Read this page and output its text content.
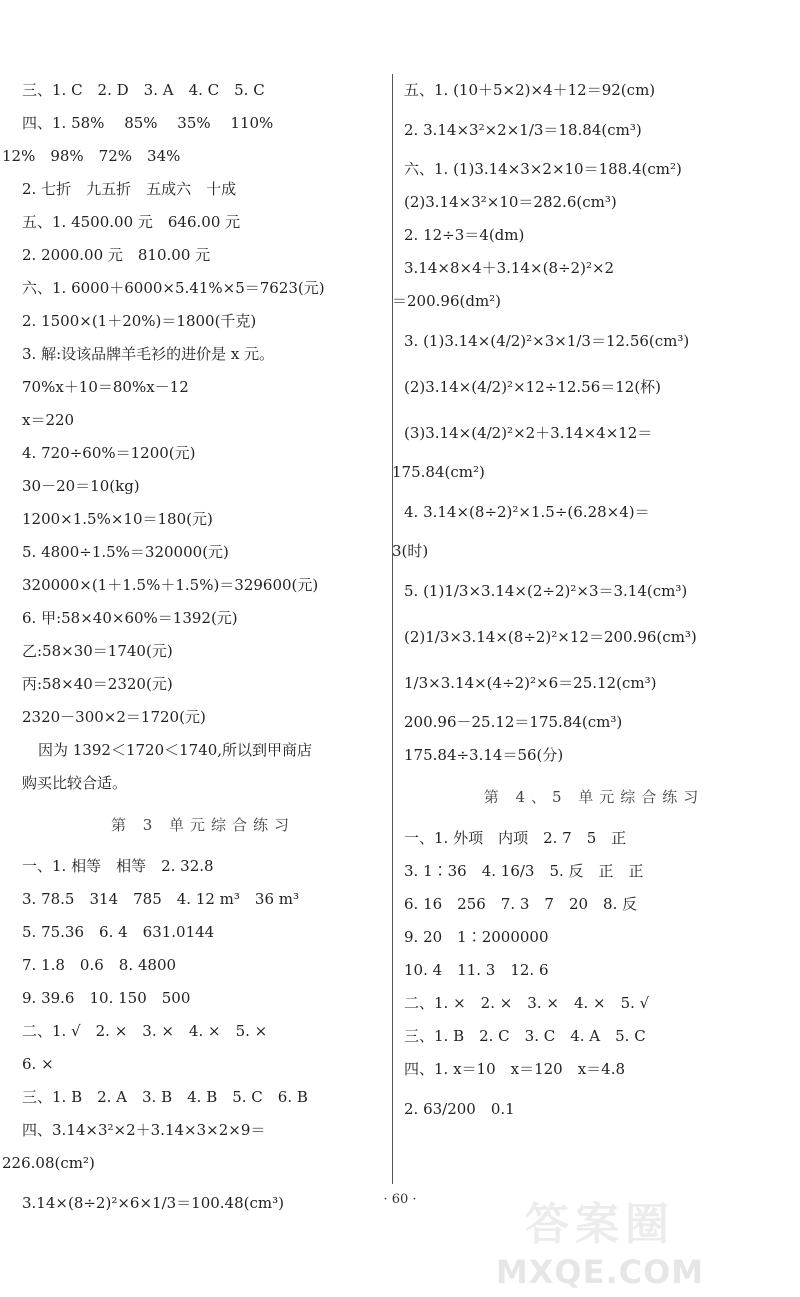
三、1. C　2. D　3. A　4. C　5. C
四、1. 58%　 85%　 35%　 110%
12%　98%　72%　34%
2. 七折　九五折　五成六　十成
五、1. 4500.00 元　646.00 元
2. 2000.00 元　810.00 元
六、1. 6000＋6000×5.41%×5＝7623(元)
2. 1500×(1＋20%)＝1800(千克)
3. 解:设该品牌羊毛衫的进价是 x 元。
70%x＋10＝80%x－12
x＝220
4. 720÷60%＝1200(元)
30－20＝10(kg)
1200×1.5%×10＝180(元)
5. 4800÷1.5%＝320000(元)
320000×(1＋1.5%＋1.5%)＝329600(元)
6. 甲:58×40×60%＝1392(元)
乙:58×30＝1740(元)
丙:58×40＝2320(元)
2320－300×2＝1720(元)
因为 1392＜1720＜1740,所以到甲商店
购买比较合适。
第 3 单元综合练习
一、1. 相等　相等　2. 32.8
3. 78.5　314　785　4. 12 m³　36 m³
5. 75.36　6. 4　631.0144
7. 1.8　0.6　8. 4800
9. 39.6　10. 150　500
二、1. √　2. ×　3. ×　4. ×　5. ×
6. ×
三、1. B　2. A　3. B　4. B　5. C　6. B
四、3.14×3²×2＋3.14×3×2×9＝
226.08(cm²)
3.14×(8÷2)²×6×1/3＝100.48(cm³)
五、1. (10＋5×2)×4＋12＝92(cm)
2. 3.14×3²×2×1/3＝18.84(cm³)
六、1. (1)3.14×3×2×10＝188.4(cm²)
(2)3.14×3²×10＝282.6(cm³)
2. 12÷3＝4(dm)
3.14×8×4＋3.14×(8÷2)²×2
＝200.96(dm²)
3. (1)3.14×(4/2)²×3×1/3＝12.56(cm³)
(2)3.14×(4/2)²×12÷12.56＝12(杯)
(3)3.14×(4/2)²×2＋3.14×4×12＝
175.84(cm²)
4. 3.14×(8÷2)²×1.5÷(6.28×4)＝
3(时)
5. (1)1/3×3.14×(2÷2)²×3＝3.14(cm³)
(2)1/3×3.14×(8÷2)²×12＝200.96(cm³)
1/3×3.14×(4÷2)²×6＝25.12(cm³)
200.96－25.12＝175.84(cm³)
175.84÷3.14＝56(分)
第 4、5 单元综合练习
一、1. 外项　内项　2. 7　5　正
3. 1∶36　4. 16/3　5. 反　正　正
6. 16　256　7. 3　7　20　8. 反
9. 20　1∶2000000
10. 4　11. 3　12. 6
二、1. ×　2. ×　3. ×　4. ×　5. √
三、1. B　2. C　3. C　4. A　5. C
四、1. x＝10　x＝120　x＝4.8
2. 63/200　0.1
· 60 ·	答案圈
MXQE.COM
